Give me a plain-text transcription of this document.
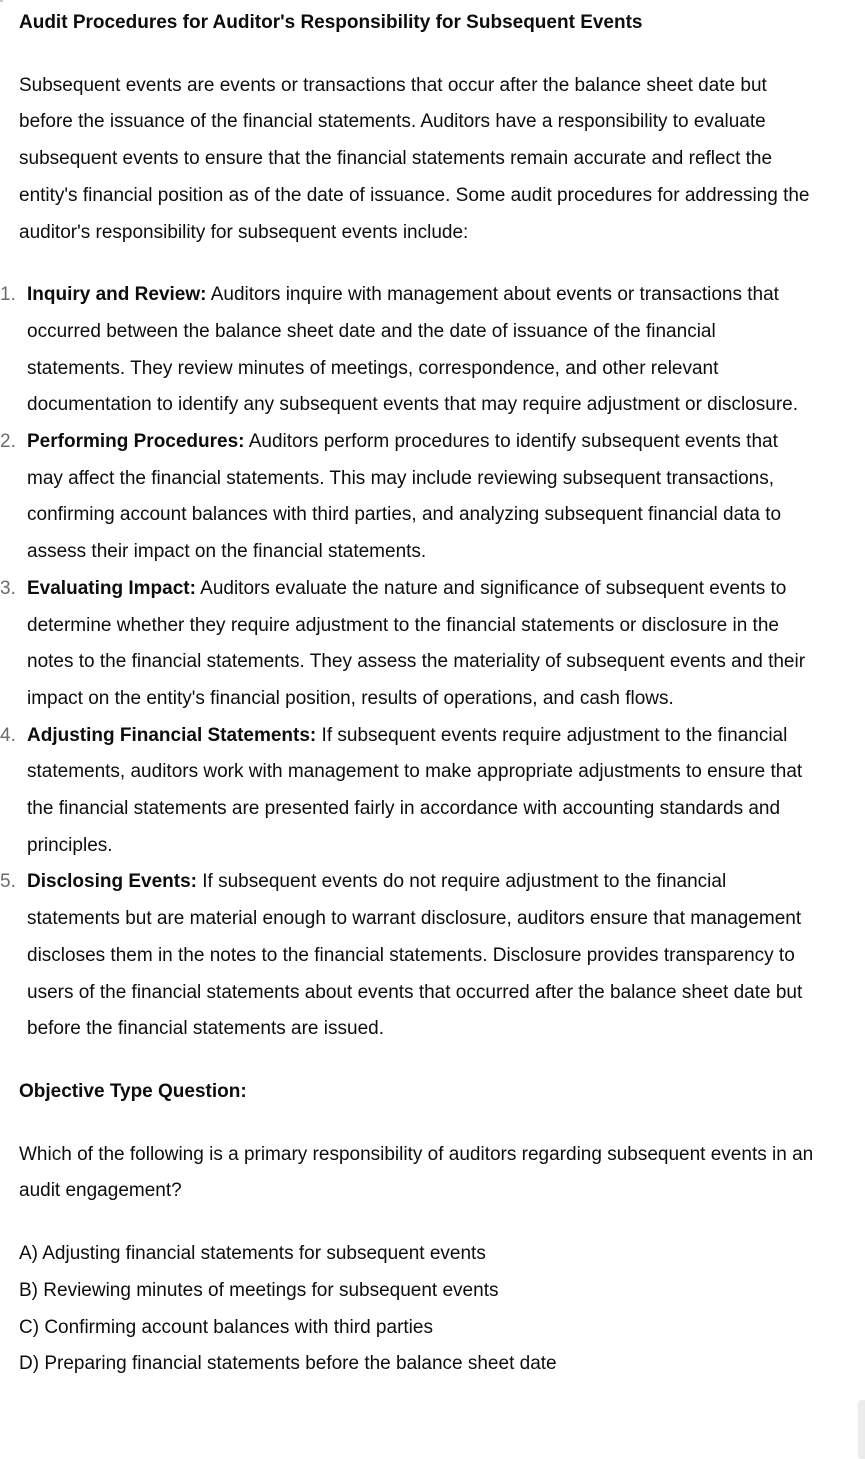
Audit Procedures for Auditor's Responsibility for Subsequent Events

Subsequent events are events or transactions that occur after the balance sheet date but before the issuance of the financial statements. Auditors have a responsibility to evaluate subsequent events to ensure that the financial statements remain accurate and reflect the entity's financial position as of the date of issuance. Some audit procedures for addressing the auditor's responsibility for subsequent events include:

1. Inquiry and Review: Auditors inquire with management about events or transactions that occurred between the balance sheet date and the date of issuance of the financial statements. They review minutes of meetings, correspondence, and other relevant documentation to identify any subsequent events that may require adjustment or disclosure.
2. Performing Procedures: Auditors perform procedures to identify subsequent events that may affect the financial statements. This may include reviewing subsequent transactions, confirming account balances with third parties, and analyzing subsequent financial data to assess their impact on the financial statements.
3. Evaluating Impact: Auditors evaluate the nature and significance of subsequent events to determine whether they require adjustment to the financial statements or disclosure in the notes to the financial statements. They assess the materiality of subsequent events and their impact on the entity's financial position, results of operations, and cash flows.
4. Adjusting Financial Statements: If subsequent events require adjustment to the financial statements, auditors work with management to make appropriate adjustments to ensure that the financial statements are presented fairly in accordance with accounting standards and principles.
5. Disclosing Events: If subsequent events do not require adjustment to the financial statements but are material enough to warrant disclosure, auditors ensure that management discloses them in the notes to the financial statements. Disclosure provides transparency to users of the financial statements about events that occurred after the balance sheet date but before the financial statements are issued.

Objective Type Question:

Which of the following is a primary responsibility of auditors regarding subsequent events in an audit engagement?

A) Adjusting financial statements for subsequent events

B) Reviewing minutes of meetings for subsequent events

C) Confirming account balances with third parties

D) Preparing financial statements before the balance sheet date
